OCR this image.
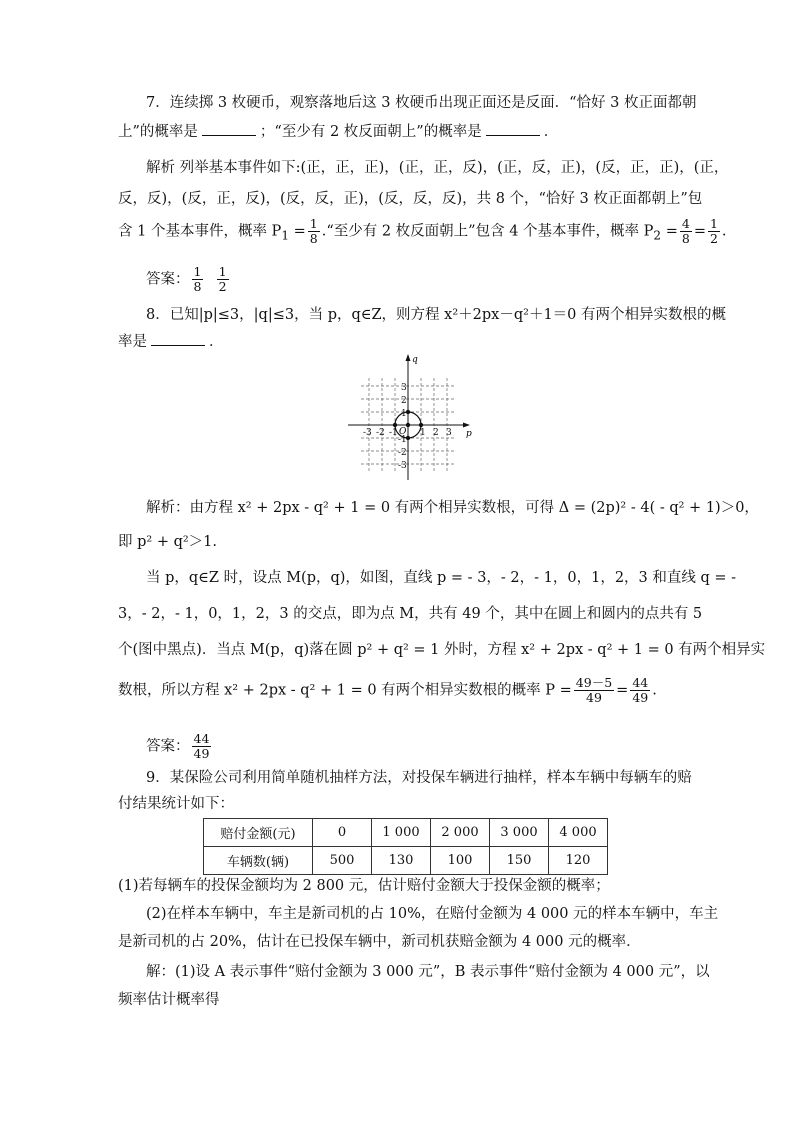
7．连续掷 3 枚硬币，观察落地后这 3 枚硬币出现正面还是反面．“恰好 3 枚正面都朝
上”的概率是	；“至少有 2 枚反面朝上”的概率是	．
解析 列举基本事件如下:(正，正，正)，(正，正，反)，(正，反，正)，(反，正，正)，(正，
反，反)，(反，正，反)，(反，反，正)，(反，反，反)，共 8 个，“恰好 3 枚正面都朝上”包
含 1 个基本事件，概率 $P_1 = \frac{1}{8}$ .“至少有 2 枚反面朝上”包含 4 个基本事件，概率 $P_2 = \frac{4}{8} = \frac{1}{2}$ .
答案： $\frac{1}{8}$
$\frac{1}{2}$
8．已知|p|≤3，|q|≤3，当 p，q∈Z，则方程 x²＋2px－q²＋1＝0 有两个相异实数根的概
率是	．
-3 -2 -1 1 2 3
3
2
1
-1
-2
-3
q
p
O
解析：由方程 x² + 2px - q² + 1 = 0 有两个相异实数根，可得 Δ = (2p)² - 4( - q² + 1)＞0，
即 p² + q²＞1.
当 p，q∈Z 时，设点 M(p，q)，如图，直线 p = - 3，- 2，- 1，0，1，2，3 和直线 q = -
3，- 2，- 1，0，1，2，3 的交点，即为点 M，共有 49 个，其中在圆上和圆内的点共有 5
个(图中黑点)．当点 M(p，q)落在圆 p² + q² = 1 外时，方程 x² + 2px - q² + 1 = 0 有两个相异实
数根，所以方程 x² + 2px - q² + 1 = 0 有两个相异实数根的概率 $P = \frac{49-5}{49} = \frac{44}{49}$ .
答案： $\frac{44}{49}$
9．某保险公司利用简单随机抽样方法，对投保车辆进行抽样，样本车辆中每辆车的赔
付结果统计如下：
赔付金额(元)	0	1 000	2 000	3 000	4 000
车辆数(辆)	500	130	100	150	120
(1)若每辆车的投保金额均为 2 800 元，估计赔付金额大于投保金额的概率；
(2)在样本车辆中，车主是新司机的占 10%，在赔付金额为 4 000 元的样本车辆中，车主
是新司机的占 20%，估计在已投保车辆中，新司机获赔金额为 4 000 元的概率．
解：(1)设 A 表示事件“赔付金额为 3 000 元”，B 表示事件“赔付金额为 4 000 元”，以
频率估计概率得
